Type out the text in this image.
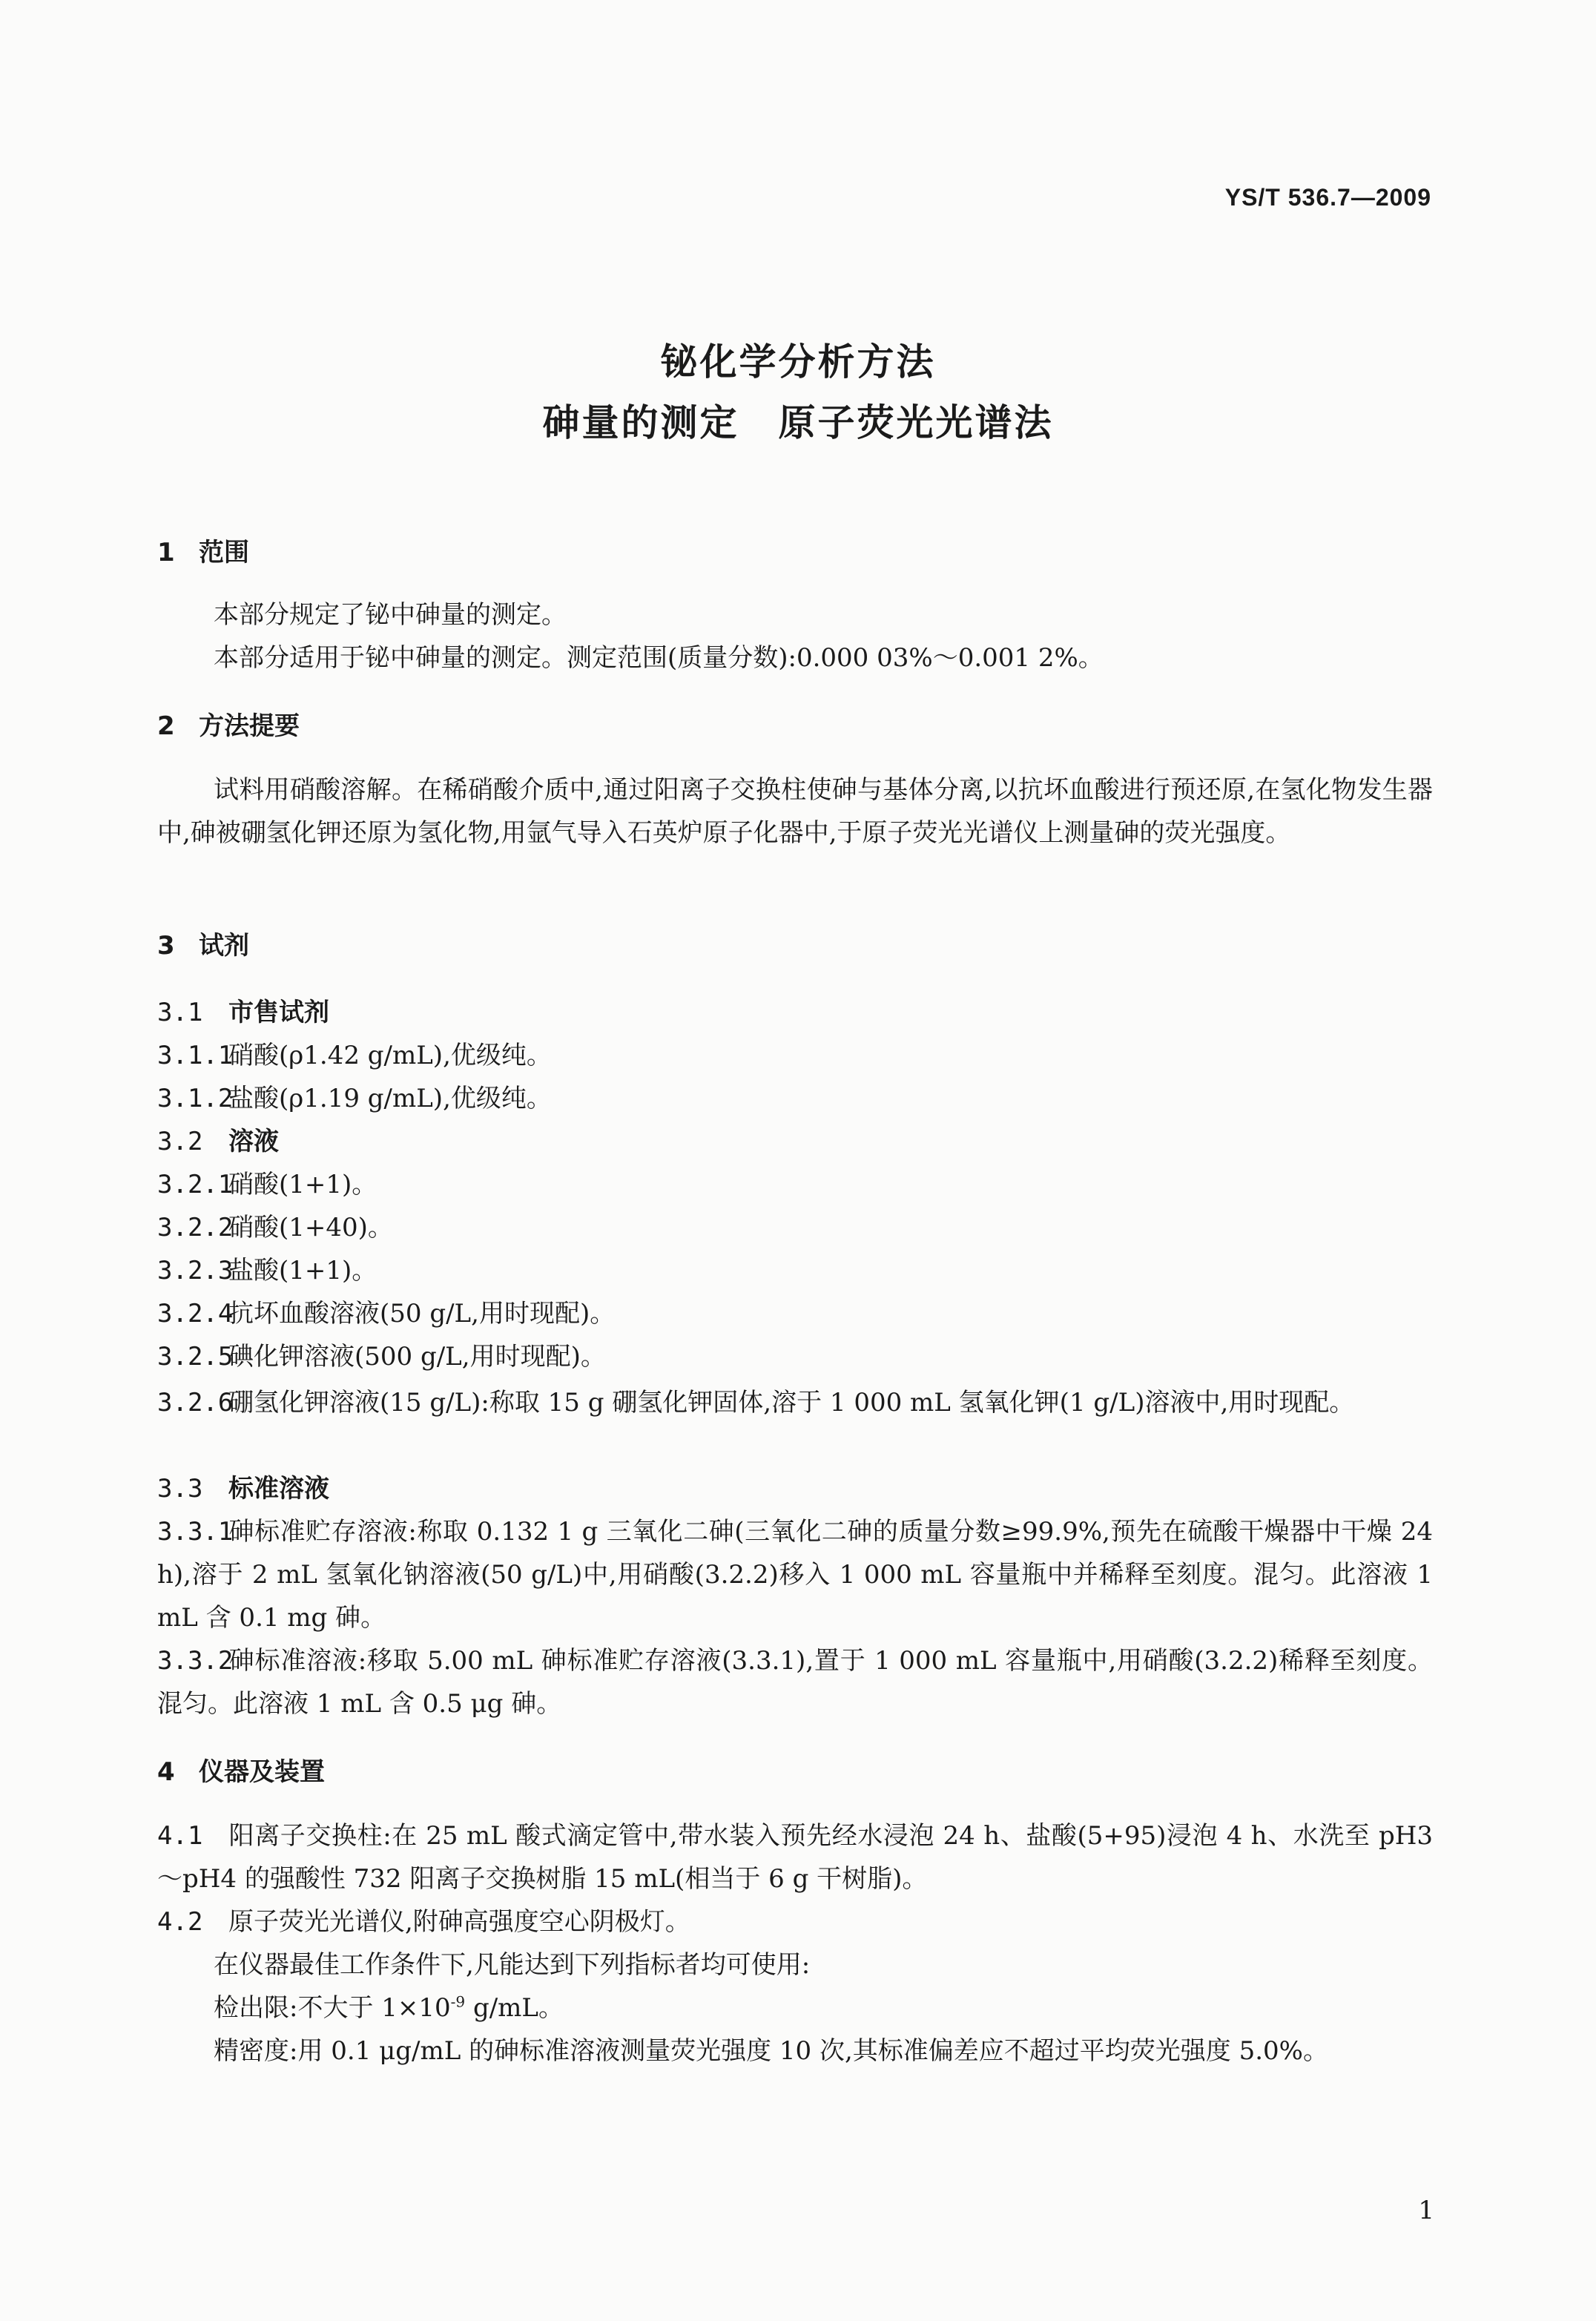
YS/T 536.7—2009
铋化学分析方法
砷量的测定　原子荧光光谱法
1 范围
本部分规定了铋中砷量的测定。
本部分适用于铋中砷量的测定。测定范围(质量分数):0.000 03%～0.001 2%。
2 方法提要
试料用硝酸溶解。在稀硝酸介质中,通过阳离子交换柱使砷与基体分离,以抗坏血酸进行预还原,在氢化物发生器中,砷被硼氢化钾还原为氢化物,用氩气导入石英炉原子化器中,于原子荧光光谱仪上测量砷的荧光强度。
3 试剂
3.1 市售试剂
3.1.1硝酸(ρ1.42 g/mL),优级纯。
3.1.2盐酸(ρ1.19 g/mL),优级纯。
3.2 溶液
3.2.1硝酸(1+1)。
3.2.2硝酸(1+40)。
3.2.3盐酸(1+1)。
3.2.4抗坏血酸溶液(50 g/L,用时现配)。
3.2.5碘化钾溶液(500 g/L,用时现配)。
3.2.6硼氢化钾溶液(15 g/L):称取 15 g 硼氢化钾固体,溶于 1 000 mL 氢氧化钾(1 g/L)溶液中,用时现配。
3.3 标准溶液
3.3.1砷标准贮存溶液:称取 0.132 1 g 三氧化二砷(三氧化二砷的质量分数≥99.9%,预先在硫酸干燥器中干燥 24 h),溶于 2 mL 氢氧化钠溶液(50 g/L)中,用硝酸(3.2.2)移入 1 000 mL 容量瓶中并稀释至刻度。混匀。此溶液 1 mL 含 0.1 mg 砷。
3.3.2砷标准溶液:移取 5.00 mL 砷标准贮存溶液(3.3.1),置于 1 000 mL 容量瓶中,用硝酸(3.2.2)稀释至刻度。混匀。此溶液 1 mL 含 0.5 μg 砷。
4 仪器及装置
4.1 阳离子交换柱:在 25 mL 酸式滴定管中,带水装入预先经水浸泡 24 h、盐酸(5+95)浸泡 4 h、水洗至 pH3～pH4 的强酸性 732 阳离子交换树脂 15 mL(相当于 6 g 干树脂)。
4.2 原子荧光光谱仪,附砷高强度空心阴极灯。
在仪器最佳工作条件下,凡能达到下列指标者均可使用:
检出限:不大于 $1\times 10^{-9}$ g/mL。
精密度:用 0.1 μg/mL 的砷标准溶液测量荧光强度 10 次,其标准偏差应不超过平均荧光强度 5.0%。
1
